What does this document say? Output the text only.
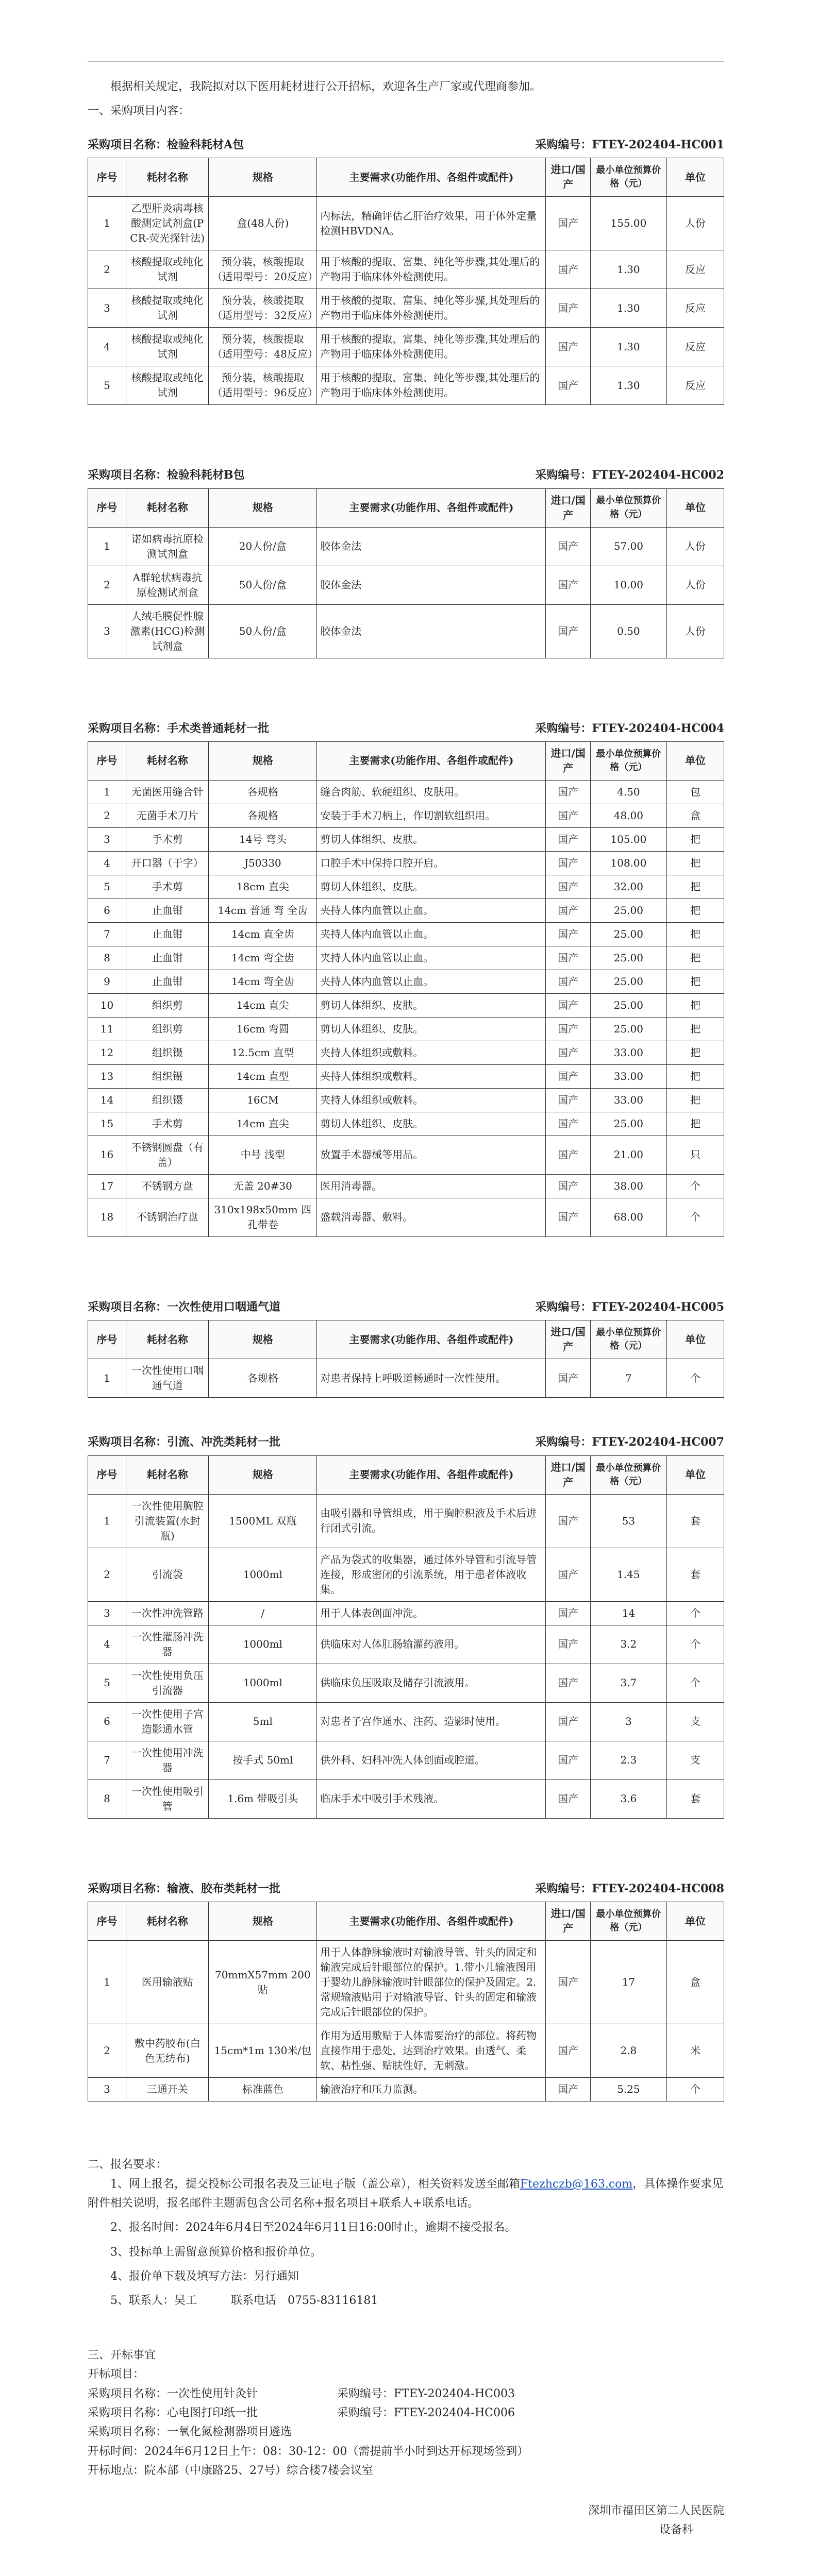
根据相关规定，我院拟对以下医用耗材进行公开招标，欢迎各生产厂家或代理商参加。

一、采购项目内容：
采购项目名称：检验科耗材A包	采购编号：FTEY-202404-HC001
序号	耗材名称	规格	主要需求(功能作用、各组件或配件)	进口/国产	最小单位预算价格（元）	单位
1	乙型肝炎病毒核酸测定试剂盒(PCR-荧光探针法)	盒(48人份)	内标法，精确评估乙肝治疗效果，用于体外定量检测HBVDNA。	国产	155.00	人份
2	核酸提取或纯化试剂	预分装，核酸提取（适用型号：20反应）	用于核酸的提取、富集、纯化等步骤,其处理后的产物用于临床体外检测使用。	国产	1.30	反应
3	核酸提取或纯化试剂	预分装，核酸提取（适用型号：32反应）	用于核酸的提取、富集、纯化等步骤,其处理后的产物用于临床体外检测使用。	国产	1.30	反应
4	核酸提取或纯化试剂	预分装，核酸提取（适用型号：48反应）	用于核酸的提取、富集、纯化等步骤,其处理后的产物用于临床体外检测使用。	国产	1.30	反应
5	核酸提取或纯化试剂	预分装，核酸提取（适用型号：96反应）	用于核酸的提取、富集、纯化等步骤,其处理后的产物用于临床体外检测使用。	国产	1.30	反应
采购项目名称：检验科耗材B包	采购编号：FTEY-202404-HC002
序号	耗材名称	规格	主要需求(功能作用、各组件或配件)	进口/国产	最小单位预算价格（元）	单位
1	诺如病毒抗原检测试剂盒	20人份/盒	胶体金法	国产	57.00	人份
2	A群轮状病毒抗原检测试剂盒	50人份/盒	胶体金法	国产	10.00	人份
3	人绒毛膜促性腺激素(HCG)检测试剂盒	50人份/盒	胶体金法	国产	0.50	人份
采购项目名称：手术类普通耗材一批	采购编号：FTEY-202404-HC004
序号	耗材名称	规格	主要需求(功能作用、各组件或配件)	进口/国产	最小单位预算价格（元）	单位
1	无菌医用缝合针	各规格	缝合肉筋、软硬组织、皮肤用。	国产	4.50	包
2	无菌手术刀片	各规格	安装于手术刀柄上，作切割软组织用。	国产	48.00	盒
3	手术剪	14号 弯头	剪切人体组织、皮肤。	国产	105.00	把
4	开口器（于字）	J50330	口腔手术中保持口腔开启。	国产	108.00	把
5	手术剪	18cm 直尖	剪切人体组织、皮肤。	国产	32.00	把
6	止血钳	14cm 普通 弯 全齿	夹持人体内血管以止血。	国产	25.00	把
7	止血钳	14cm 直全齿	夹持人体内血管以止血。	国产	25.00	把
8	止血钳	14cm 弯全齿	夹持人体内血管以止血。	国产	25.00	把
9	止血钳	14cm 弯全齿	夹持人体内血管以止血。	国产	25.00	把
10	组织剪	14cm 直尖	剪切人体组织、皮肤。	国产	25.00	把
11	组织剪	16cm 弯圆	剪切人体组织、皮肤。	国产	25.00	把
12	组织镊	12.5cm 直型	夹持人体组织或敷料。	国产	33.00	把
13	组织镊	14cm 直型	夹持人体组织或敷料。	国产	33.00	把
14	组织镊	16CM	夹持人体组织或敷料。	国产	33.00	把
15	手术剪	14cm 直尖	剪切人体组织、皮肤。	国产	25.00	把
16	不锈钢圆盘（有盖）	中号 浅型	放置手术器械等用品。	国产	21.00	只
17	不锈钢方盘	无盖 20#30	医用消毒器。	国产	38.00	个
18	不锈钢治疗盘	310x198x50mm 四孔带卷	盛载消毒器、敷料。	国产	68.00	个
采购项目名称：一次性使用口咽通气道	采购编号：FTEY-202404-HC005
序号	耗材名称	规格	主要需求(功能作用、各组件或配件)	进口/国产	最小单位预算价格（元）	单位
1	一次性使用口咽通气道	各规格	对患者保持上呼吸道畅通时一次性使用。	国产	7	个
采购项目名称：引流、冲洗类耗材一批	采购编号：FTEY-202404-HC007
序号	耗材名称	规格	主要需求(功能作用、各组件或配件)	进口/国产	最小单位预算价格（元）	单位
1	一次性使用胸腔引流装置(水封瓶)	1500ML 双瓶	由吸引器和导管组成，用于胸腔积液及手术后进行闭式引流。	国产	53	套
2	引流袋	1000ml	产品为袋式的收集器，通过体外导管和引流导管连接，形成密闭的引流系统，用于患者体液收集。	国产	1.45	套
3	一次性冲洗管路	/	用于人体表创面冲洗。	国产	14	个
4	一次性灌肠冲洗器	1000ml	供临床对人体肛肠输灌药液用。	国产	3.2	个
5	一次性使用负压引流器	1000ml	供临床负压吸取及储存引流液用。	国产	3.7	个
6	一次性使用子宫造影通水管	5ml	对患者子宫作通水、注药、造影时使用。	国产	3	支
7	一次性使用冲洗器	按手式 50ml	供外科、妇科冲洗人体创面或腔道。	国产	2.3	支
8	一次性使用吸引管	1.6m 带吸引头	临床手术中吸引手术残液。	国产	3.6	套
采购项目名称：输液、胶布类耗材一批	采购编号：FTEY-202404-HC008
序号	耗材名称	规格	主要需求(功能作用、各组件或配件)	进口/国产	最小单位预算价格（元）	单位
1	医用输液贴	70mmX57mm 200贴	用于人体静脉输液时对输液导管、针头的固定和输液完成后针眼部位的保护。1.带小儿输液图用于婴幼儿静脉输液时针眼部位的保护及固定。2.常规输液贴用于对输液导管、针头的固定和输液完成后针眼部位的保护。	国产	17	盒
2	敷中药胶布(白色无纺布)	15cm*1m 130米/包	作用为适用敷贴于人体需要治疗的部位。将药物直接作用于患处，达到治疗效果。由透气、柔软、粘性强、贴肤性好，无刺激。	国产	2.8	米
3	三通开关	标准蓝色	输液治疗和压力监测。	国产	5.25	个
二、报名要求：

1、网上报名，提交投标公司报名表及三证电子版（盖公章），相关资料发送至邮箱Ftezhczb@163.com，具体操作要求见附件相关说明，报名邮件主题需包含公司名称+报名项目+联系人+联系电话。

2、报名时间：2024年6月4日至2024年6月11日16:00时止，逾期不接受报名。

3、投标单上需留意预算价格和报价单位。

4、报价单下载及填写方法：另行通知

5、联系人：吴工　　　联系电话　0755-83116181

三、开标事宜
开标项目：
采购项目名称：一次性使用针灸针　　　　　　　采购编号：FTEY-202404-HC003
采购项目名称：心电图打印纸一批　　　　　　　采购编号：FTEY-202404-HC006
采购项目名称：一氧化氮检测器项目遴选
开标时间：2024年6月12日上午：08：30-12：00（需提前半小时到达开标现场签到）
开标地点：院本部（中康路25、27号）综合楼7楼会议室
深圳市福田区第二人民医院
设备科
